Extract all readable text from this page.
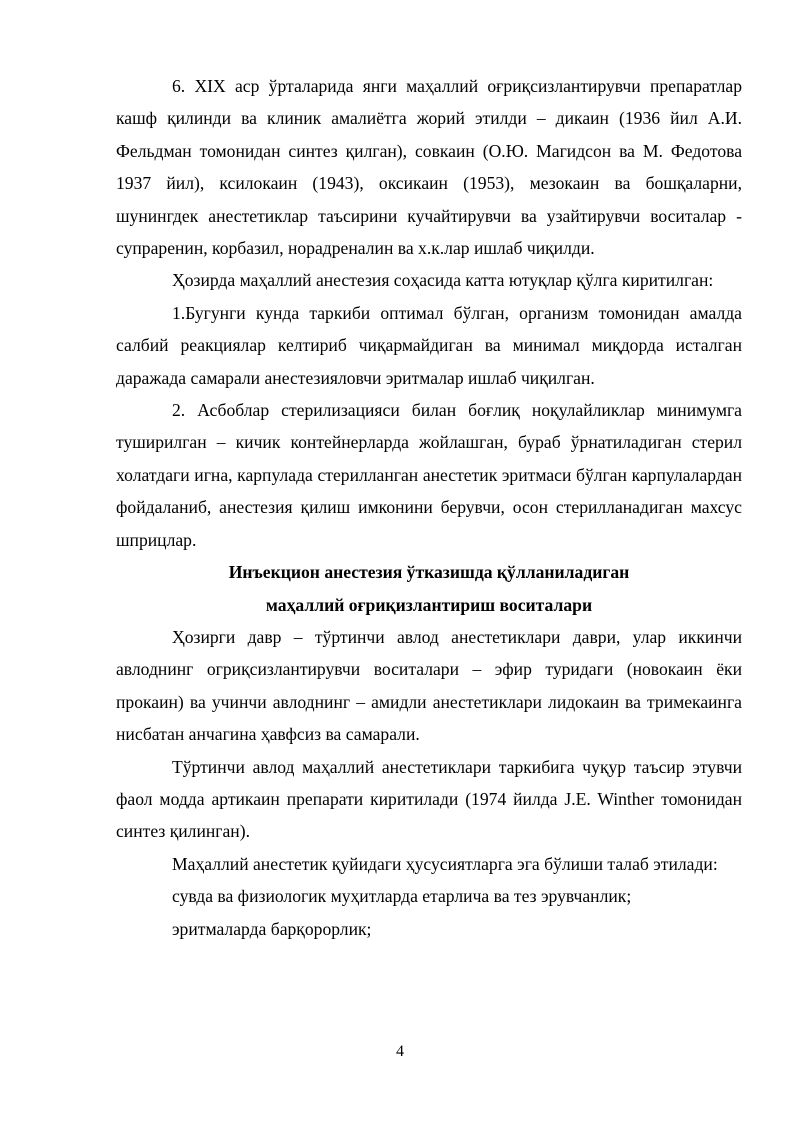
6. XIX аср ўрталарида янги маҳаллий оғриқсизлантирувчи препаратлар кашф қилинди ва клиник амалиётга жорий этилди – дикаин (1936 йил А.И. Фельдман томонидан синтез қилган), совкаин (О.Ю. Магидсон ва М. Федотова 1937 йил), ксилокаин (1943), оксикаин (1953), мезокаин ва бошқаларни, шунингдек анестетиклар таъсирини кучайтирувчи ва узайтирувчи воситалар - супраренин, корбазил, норадреналин ва х.к.лар ишлаб чиқилди.

Ҳозирда маҳаллий анестезия соҳасида катта ютуқлар қўлга киритилган:

1.Бугунги кунда таркиби оптимал бўлган, организм томонидан амалда салбий реакциялар келтириб чиқармайдиган ва минимал миқдорда исталган даражада самарали анестезияловчи эритмалар ишлаб чиқилган.

2. Асбоблар стерилизацияси билан боғлиқ ноқулайликлар минимумга туширилган – кичик контейнерларда жойлашган, бураб ўрнатиладиган стерил холатдаги игна, карпулада стерилланган анестетик эритмаси бўлган карпулалардан фойдаланиб, анестезия қилиш имконини берувчи, осон стерилланадиган махсус шприцлар.

Инъекцион анестезия ўтказишда қўлланиладиган

маҳаллий оғриқизлантириш воситалари

Ҳозирги давр – тўртинчи авлод анестетиклари даври, улар иккинчи авлоднинг огриқсизлантирувчи воситалари – эфир туридаги (новокаин ёки прокаин) ва учинчи авлоднинг – амидли анестетиклари лидокаин ва тримекаинга нисбатан анчагина ҳавфсиз ва самарали.

Тўртинчи авлод маҳаллий анестетиклари таркибига чуқур таъсир этувчи фаол модда артикаин препарати киритилади (1974 йилда J.E. Winther томонидан синтез қилинган).

Маҳаллий анестетик қуйидаги ҳусусиятларга эга бўлиши талаб этилади:

сувда ва физиологик муҳитларда етарлича ва тез эрувчанлик;

эритмаларда барқорорлик;

4
